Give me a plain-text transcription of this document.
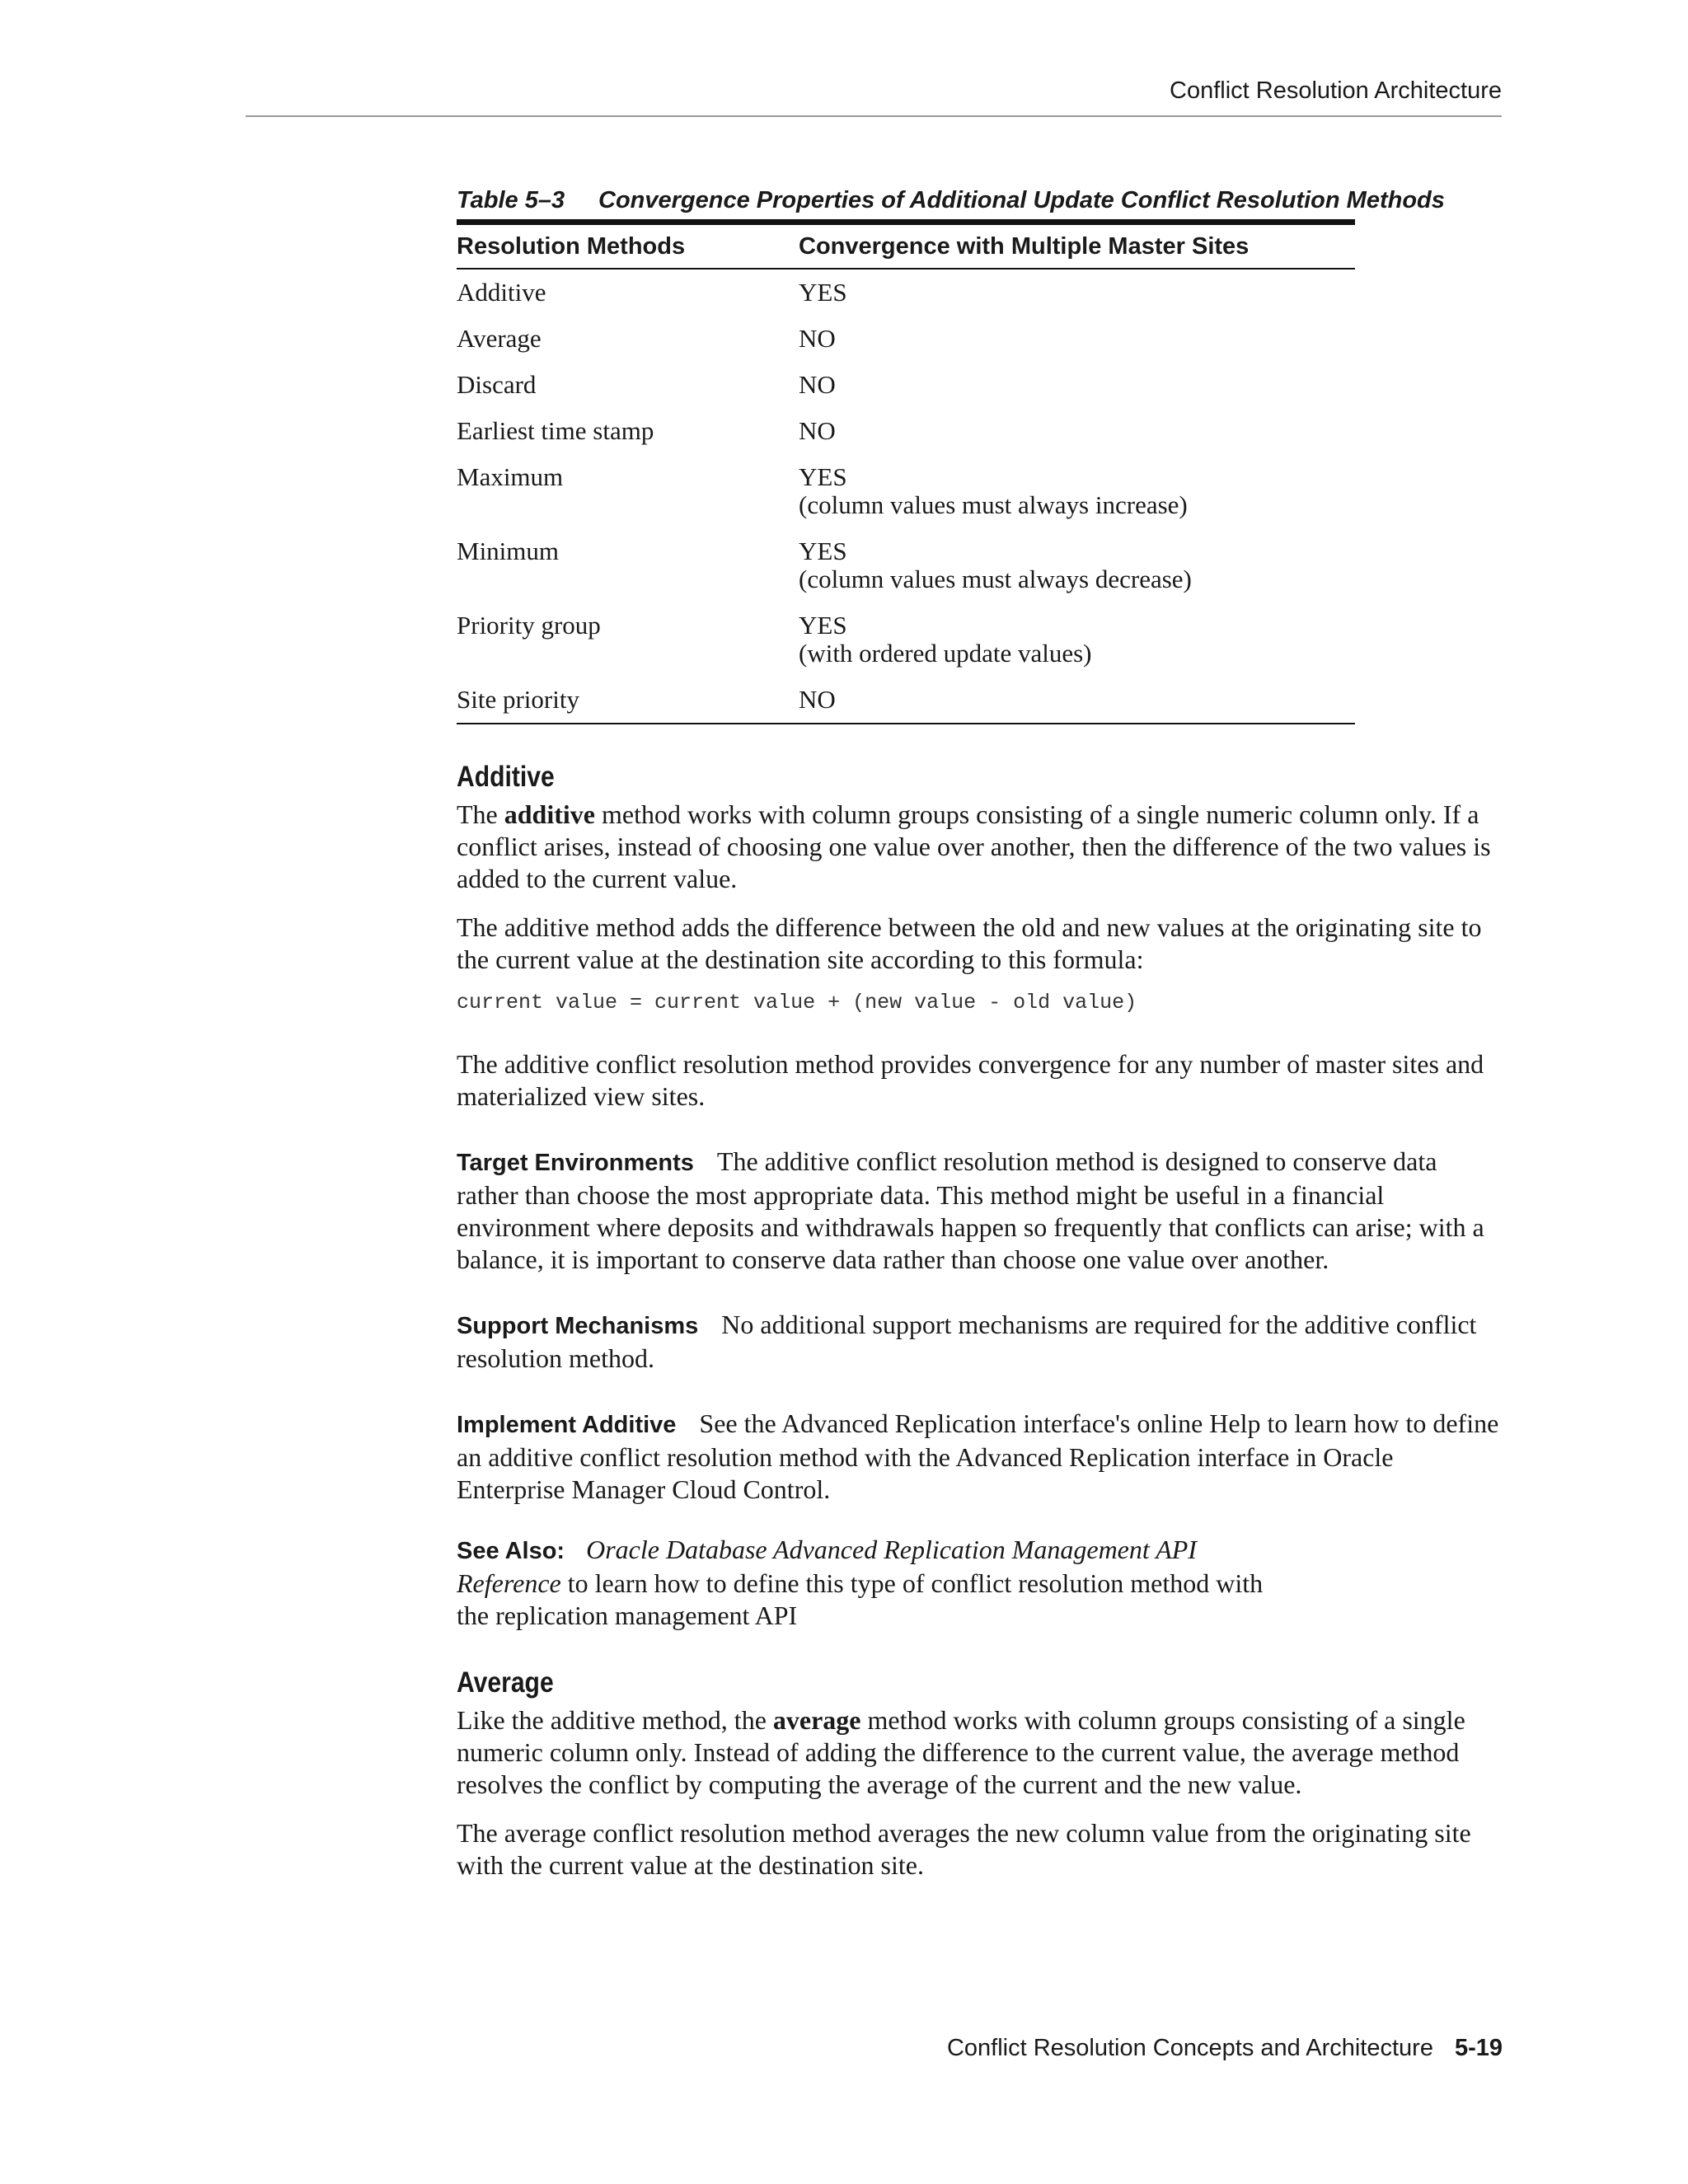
Conflict Resolution Architecture
Table 5–3 Convergence Properties of Additional Update Conflict Resolution Methods
Resolution Methods	Convergence with Multiple Master Sites
Additive	YES
Average	NO
Discard	NO
Earliest time stamp	NO
Maximum	YES
(column values must always increase)

Minimum	YES
(column values must always decrease)

Priority group	YES
(with ordered update values)

Site priority	NO
Additive

The additive method works with column groups consisting of a single numeric column only. If a conflict arises, instead of choosing one value over another, then the difference of the two values is added to the current value.

The additive method adds the difference between the old and new values at the originating site to the current value at the destination site according to this formula:

current value = current value + (new value - old value)

The additive conflict resolution method provides convergence for any number of master sites and materialized view sites.

Target Environments The additive conflict resolution method is designed to conserve data rather than choose the most appropriate data. This method might be useful in a financial environment where deposits and withdrawals happen so frequently that conflicts can arise; with a balance, it is important to conserve data rather than choose one value over another.

Support Mechanisms No additional support mechanisms are required for the additive conflict resolution method.

Implement Additive See the Advanced Replication interface's online Help to learn how to define an additive conflict resolution method with the Advanced Replication interface in Oracle Enterprise Manager Cloud Control.

See Also: Oracle Database Advanced Replication Management API Reference to learn how to define this type of conflict resolution method with the replication management API

Average

Like the additive method, the average method works with column groups consisting of a single numeric column only. Instead of adding the difference to the current value, the average method resolves the conflict by computing the average of the current and the new value.

The average conflict resolution method averages the new column value from the originating site with the current value at the destination site.

Conflict Resolution Concepts and Architecture 5-19
